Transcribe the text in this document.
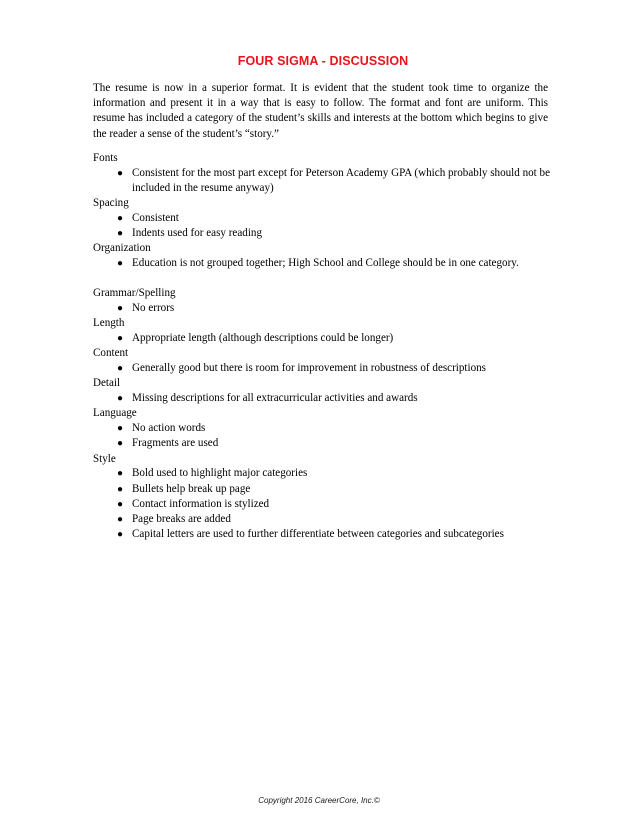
FOUR SIGMA - DISCUSSION
The resume is now in a superior format. It is evident that the student took time to organize the information and present it in a way that is easy to follow. The format and font are uniform. This resume has included a category of the student’s skills and interests at the bottom which begins to give the reader a sense of the student’s “story.”
Fonts
● Consistent for the most part except for Peterson Academy GPA (which probably should not be included in the resume anyway)
Spacing
● Consistent
● Indents used for easy reading
Organization
● Education is not grouped together; High School and College should be in one category.
Grammar/Spelling
● No errors
Length
● Appropriate length (although descriptions could be longer)
Content
● Generally good but there is room for improvement in robustness of descriptions
Detail
● Missing descriptions for all extracurricular activities and awards
Language
● No action words
● Fragments are used
Style
● Bold used to highlight major categories
● Bullets help break up page
● Contact information is stylized
● Page breaks are added
● Capital letters are used to further differentiate between categories and subcategories
Copyright 2016 CareerCore, Inc.©
